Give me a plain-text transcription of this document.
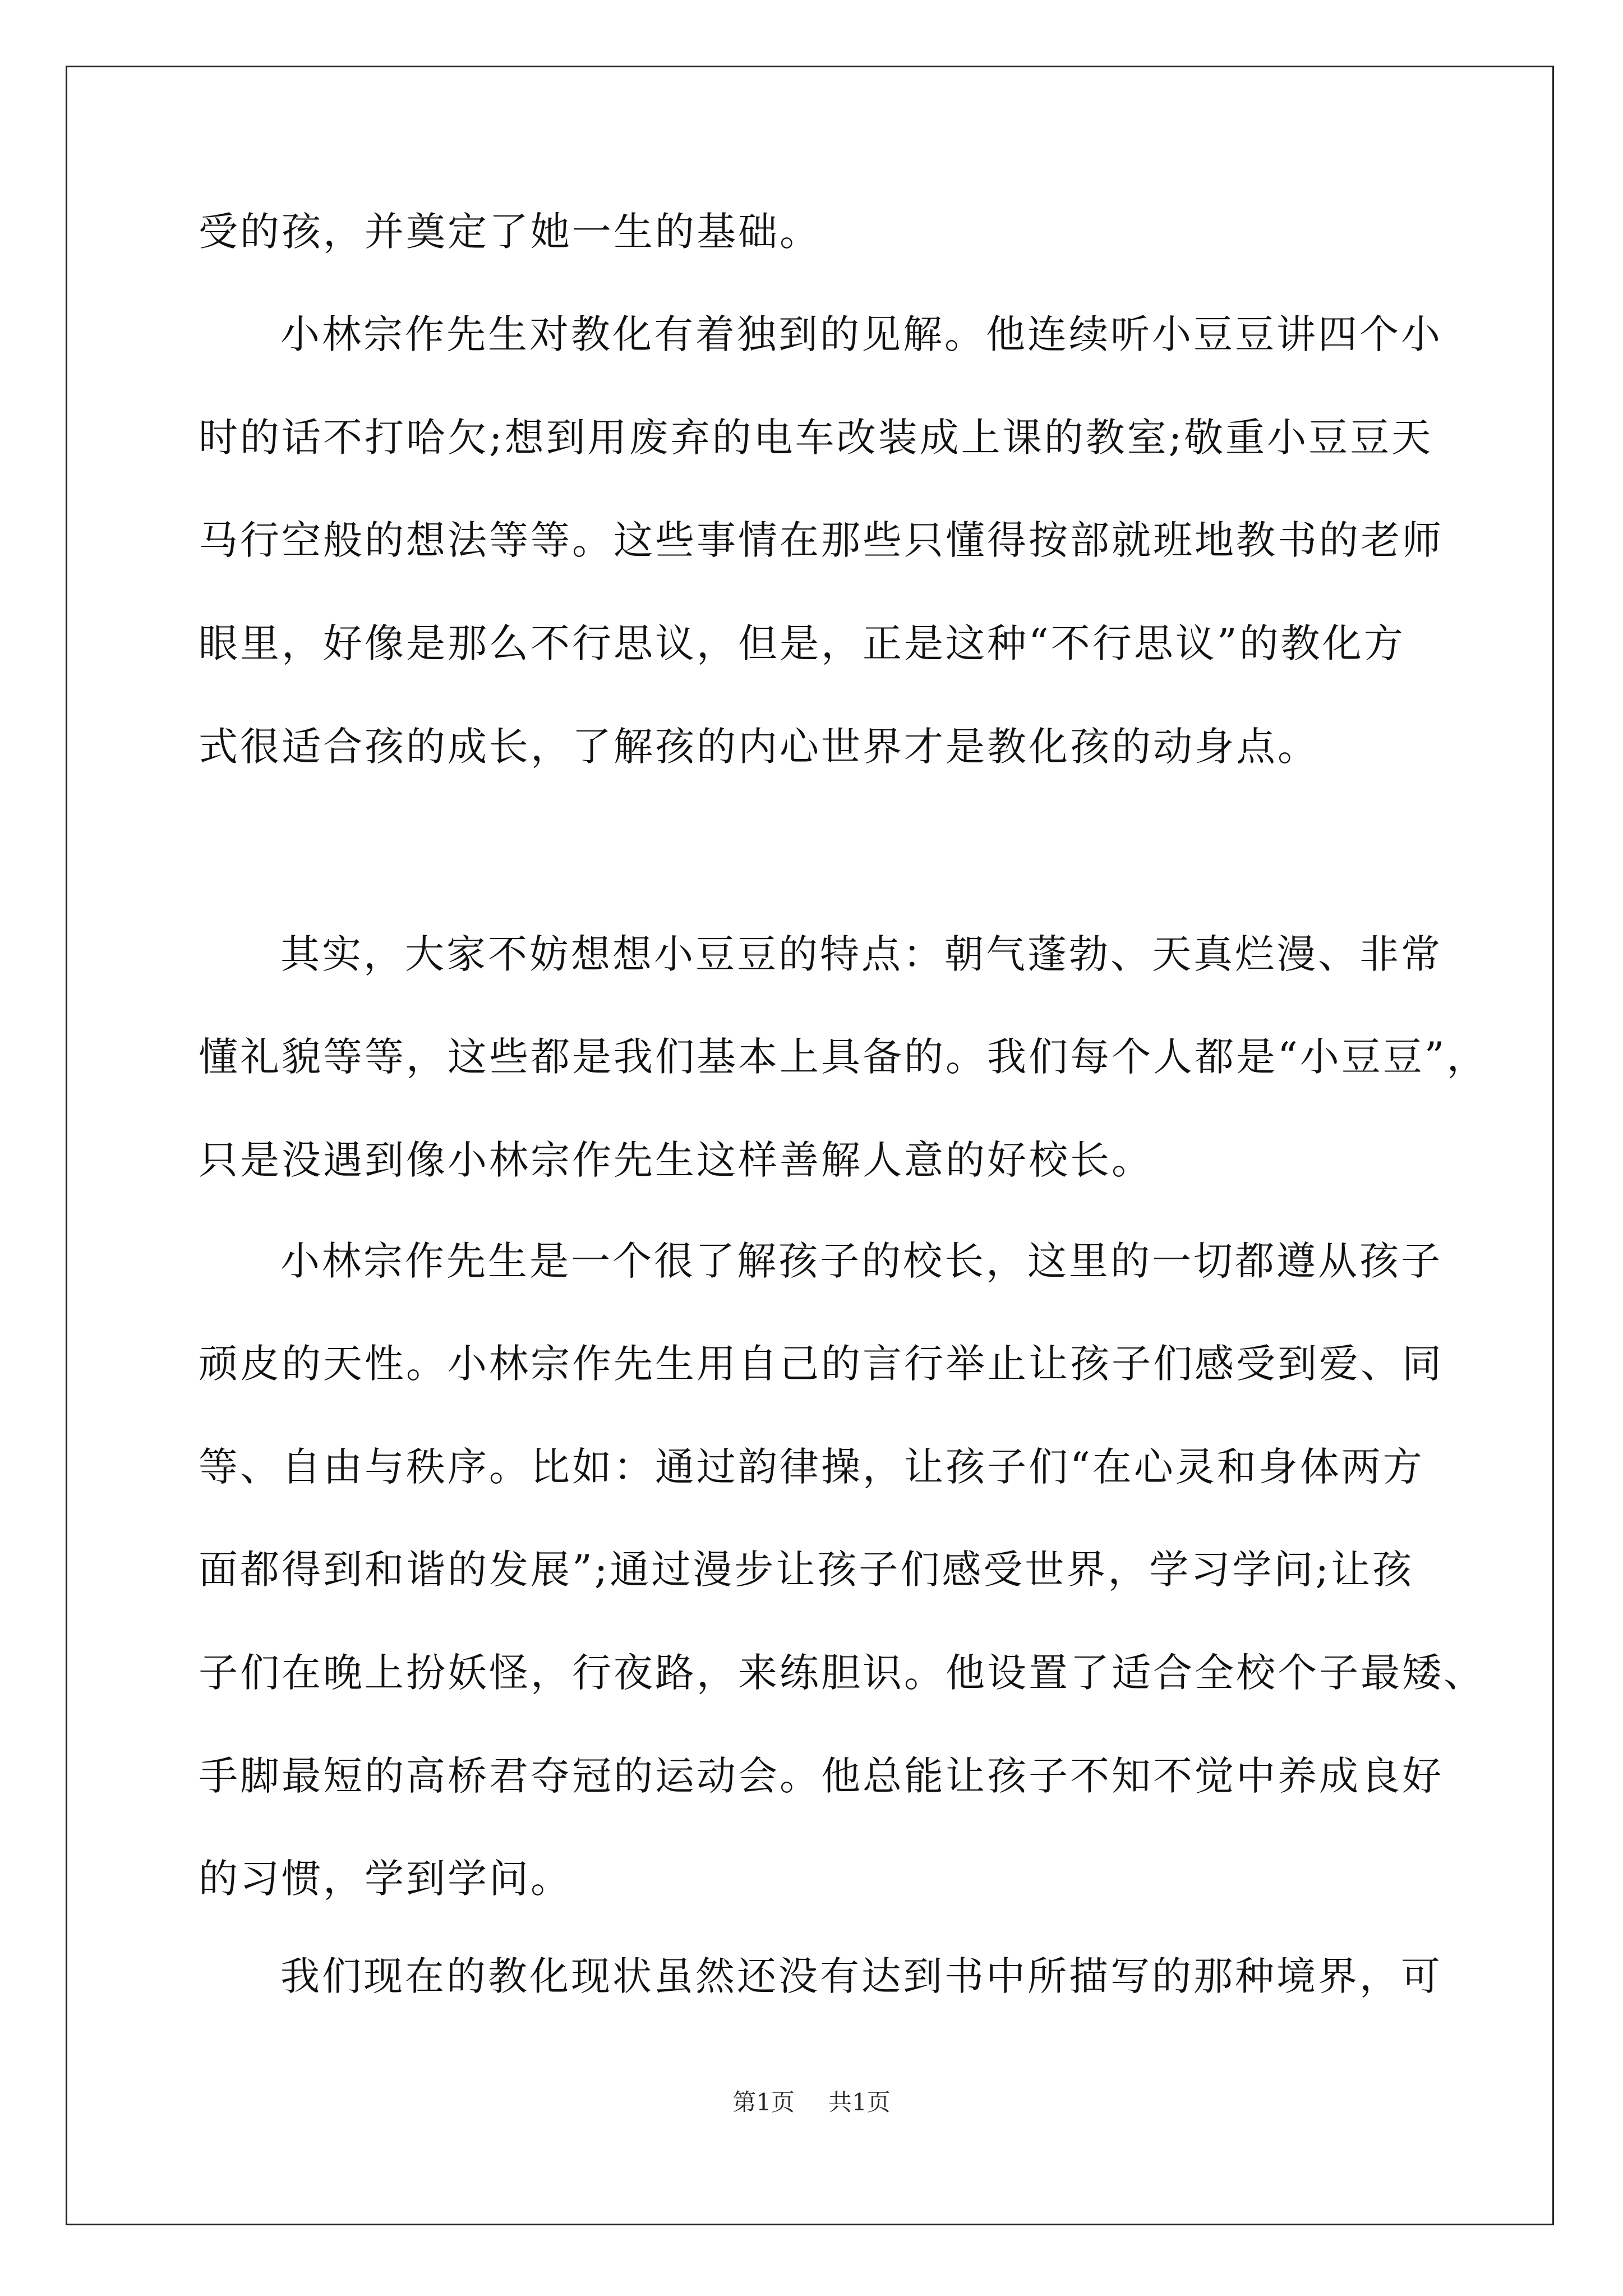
受的孩，并奠定了她一生的基础。
小林宗作先生对教化有着独到的见解。他连续听小豆豆讲四个小
时的话不打哈欠;想到用废弃的电车改装成上课的教室;敬重小豆豆天
马行空般的想法等等。这些事情在那些只懂得按部就班地教书的老师
眼里，好像是那么不行思议，但是，正是这种“不行思议”的教化方
式很适合孩的成长，了解孩的内心世界才是教化孩的动身点。
其实，大家不妨想想小豆豆的特点：朝气蓬勃、天真烂漫、非常
懂礼貌等等，这些都是我们基本上具备的。我们每个人都是“小豆豆”，
只是没遇到像小林宗作先生这样善解人意的好校长。
小林宗作先生是一个很了解孩子的校长，这里的一切都遵从孩子
顽皮的天性。小林宗作先生用自己的言行举止让孩子们感受到爱、同
等、自由与秩序。比如：通过韵律操，让孩子们“在心灵和身体两方
面都得到和谐的发展”;通过漫步让孩子们感受世界，学习学问;让孩
子们在晚上扮妖怪，行夜路，来练胆识。他设置了适合全校个子最矮、
手脚最短的高桥君夺冠的运动会。他总能让孩子不知不觉中养成良好
的习惯，学到学问。
我们现在的教化现状虽然还没有达到书中所描写的那种境界，可
第1页 共1页
